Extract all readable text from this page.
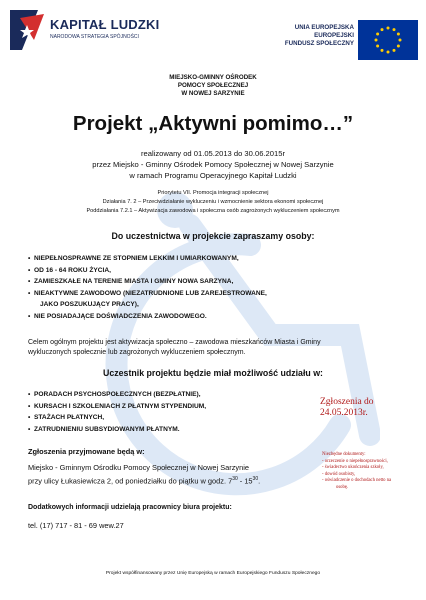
KAPITAŁ LUDZKI
NARODOWA STRATEGIA SPÓJNOŚCI
UNIA EUROPEJSKA
EUROPEJSKI
FUNDUSZ SPOŁECZNY
MIEJSKO-GMINNY OŚRODEK
POMOCY SPOŁECZNEJ
W NOWEJ SARZYNIE
Projekt „Aktywni pomimo…”
realizowany od 01.05.2013 do 30.06.2015r
przez Miejsko - Gminny Ośrodek Pomocy Społecznej w Nowej Sarzynie
w ramach Programu Operacyjnego Kapitał Ludzki
Priorytetu VII. Promocja integracji społecznej
Działania 7. 2 – Przeciwdziałanie wykluczeniu i wzmocnienie sektora ekonomi społecznej
Poddziałania 7.2.1 – Aktywizacja zawodowa i społeczna osób zagrożonych wykluczeniem społecznym
Do uczestnictwa w projekcie zapraszamy osoby:
• NIEPEŁNOSPRAWNE ZE STOPNIEM LEKKIM I UMIARKOWANYM,
• OD 16 - 64 ROKU ŻYCIA,
• ZAMIESZKAŁE NA TERENIE MIASTA I GMINY NOWA SARZYNA,
• NIEAKTYWNE ZAWODOWO (NIEZATRUDNIONE LUB ZAREJESTROWANE,
JAKO POSZUKUJĄCY PRACY),
• NIE POSIADAJĄCE DOŚWIADCZENIA ZAWODOWEGO.
Celem ogólnym projektu jest aktywizacja społeczno – zawodowa mieszkańców Miasta i Gminy
wykluczonych społecznie lub zagrożonych wykluczeniem społecznym.
Uczestnik projektu będzie miał możliwość udziału w:
• PORADACH PSYCHOSPOŁECZNYCH (BEZPŁATNIE),
• KURSACH I SZKOLENIACH Z PŁATNYM STYPENDIUM,
• STAŻACH PŁATNYCH,
• ZATRUDNIENIU SUBSYDIOWANYM PŁATNYM.
Zgłoszenia do
24.05.2013r.
Niezbędne dokumenty:
- orzeczenie o niepełnosprawności,
- świadectwo ukończenia szkoły,
- dowód osobisty,
- oświadczenie o dochodach netto na
osobę.
Zgłoszenia przyjmowane będą w:
Miejsko - Gminnym Ośrodku Pomocy Społecznej w Nowej Sarzynie
przy ulicy Łukasiewicza 2, od poniedziałku do piątku w godz. $7^{30} - 15^{30}$.
Dodatkowych informacji udzielają pracownicy biura projektu:
tel. (17) 717 - 81 - 69 wew.27
Projekt współfinansowany przez Unię Europejską w ramach Europejskiego Funduszu Społecznego
